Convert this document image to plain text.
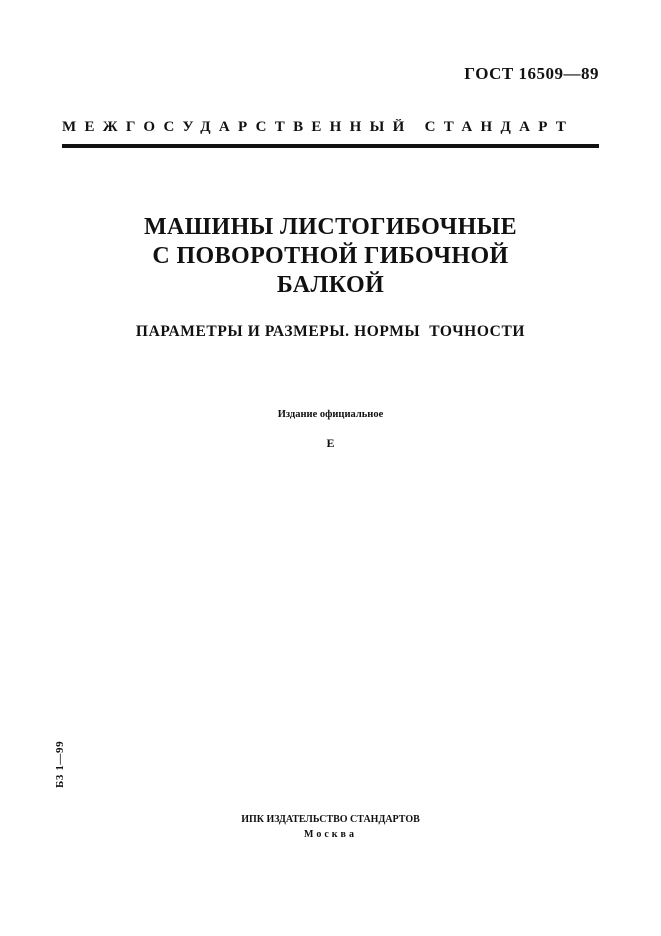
ГОСТ 16509—89
МЕЖГОСУДАРСТВЕННЫЙ СТАНДАРТ
МАШИНЫ ЛИСТОГИБОЧНЫЕ
С ПОВОРОТНОЙ ГИБОЧНОЙ
БАЛКОЙ
ПАРАМЕТРЫ И РАЗМЕРЫ. НОРМЫ  ТОЧНОСТИ
Издание официальное
Е
Б3 1—99
ИПК ИЗДАТЕЛЬСТВО СТАНДАРТОВ
Москва
